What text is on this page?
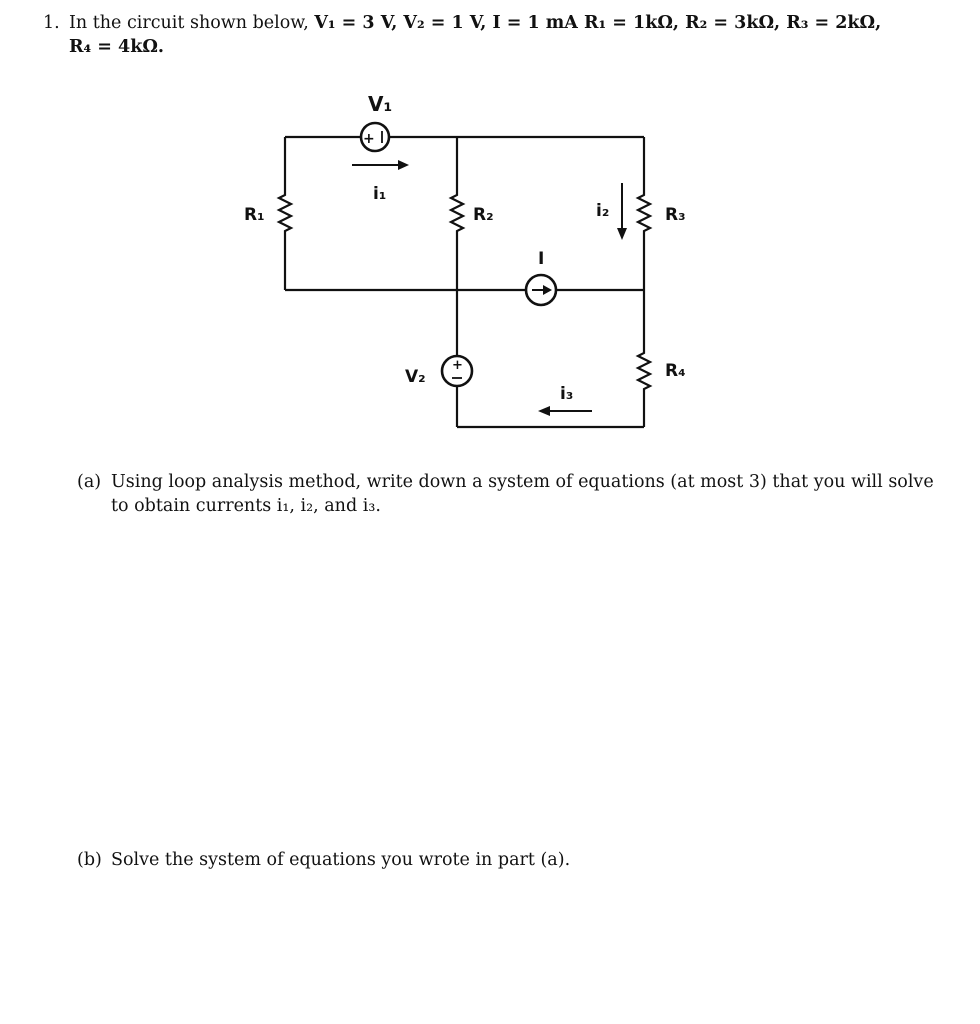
1. In the circuit shown below, V₁ = 3 V, V₂ = 1 V, I = 1 mA R₁ = 1kΩ, R₂ = 3kΩ, R₃ = 2kΩ,
R₄ = 4kΩ.
+
+
V₁
i₁
R₁	R₂	i₂	R₃
I
V₂	R₄
i₃
(a) Using loop analysis method, write down a system of equations (at most 3) that you will solve to obtain currents i₁, i₂, and i₃.
(b) Solve the system of equations you wrote in part (a).
